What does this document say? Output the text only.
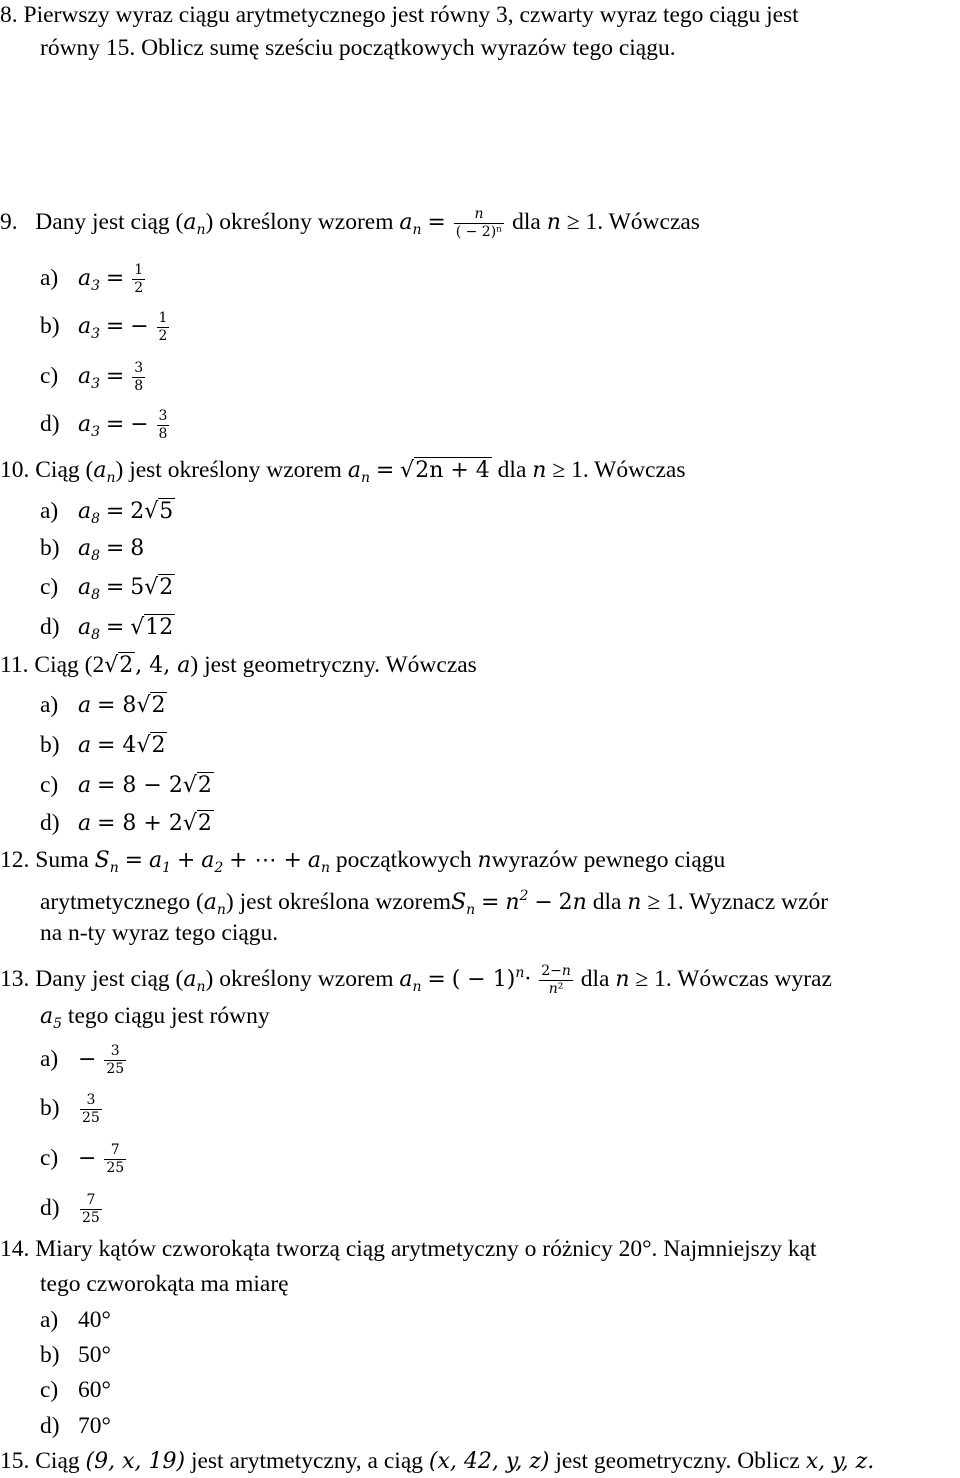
8. Pierwszy wyraz ciągu arytmetycznego jest równy 3, czwarty wyraz tego ciągu jest
równy 15. Oblicz sumę sześciu początkowych wyrazów tego ciągu.
9. Dany jest ciąg $(a_n)$ określony wzorem $a_n = \frac{n}{\text{( − 2)ⁿ}}$ dla n ≥ 1. Wówczas
a) $a_3 = \frac{1}{2}$
b) $a_3$ = − $\frac{1}{2}$
c) $a_3 = \frac{3}{8}$
d) $a_3$ = − $\frac{3}{8}$
10. Ciąg $(a_n)$ jest określony wzorem $a_n = √2n + 4$ dla n ≥ 1. Wówczas
a) $a_8 = 2√5$
b) $a_8 = 8$
c) $a_8 = 5√2$
d) $a_8 = √12$
11. Ciąg (2√2, 4, a) jest geometryczny. Wówczas
a) a = 8√2
b) a = 4√2
c) a = 8 − 2√2
d) a = 8 + 2√2
12. Suma $S_n = a_1 + a_2$ + ⋯ + $a_n$ początkowych nwyrazów pewnego ciągu
arytmetycznego $(a_n)$ jest określona wzoremS$_n$ = $n^2 - 2n$ dla n ≥ 1. Wyznacz wzór
na n-ty wyraz tego ciągu.
13. Dany jest ciąg $(a_n)$ określony wzorem $a_n$ = ( − $1)^n\cdot \frac{2-n}{\text{n²}}$ dla n ≥ 1. Wówczas wyraz
$a_5$ tego ciągu jest równy
$a) - \frac{3}{25}$
$b) \frac{3}{25}$
$c) - \frac{7}{25}$
$d) \frac{7}{25}$
14. Miary kątów czworokąta tworzą ciąg arytmetyczny o różnicy 20°. Najmniejszy kąt
tego czworokąta ma miarę
a) 40°
b) 50°
c) 60°
d) 70°
15. Ciąg (9, x, 19) jest arytmetyczny, a ciąg (x, 42, y, z) jest geometryczny. Oblicz x, y, z.
